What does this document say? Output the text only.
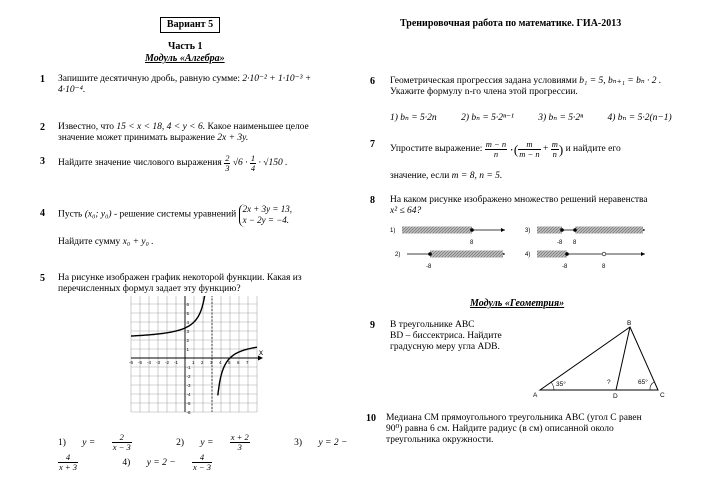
Вариант 5	Тренировочная работа по математике. ГИА-2013
Часть 1
Модуль «Алгебра»
1 Запишите десятичную дробь, равную сумме: 2·10⁻² + 1·10⁻³ +
4·10⁻⁴.
2 Известно, что 15 < x < 18, 4 < y < 6. Какое наименьшее целое
значение может принимать выражение 2x + 3y.
3 Найдите значение числового выражения $\frac{2}{3} √6 \cdot \frac{1}{4} \cdot √150$ .
4 Пусть (x₀; y₀) - решение системы уравнений 2x + 3y = 13,
x − 2y = −4.
Найдите сумму x₀ + y₀ .
5 На рисунке изображен график некоторой функции. Какая из
перечисленных формул задает эту функцию?
-6 -5 -4 -3 -2 -1	1 2 3 4 5 6 7
6
5
4
3
2
1
-1
-2
-3
-4
-5
-6
x
1) $y = \frac{2}{x - 3}$	2) $y = \frac{x + 2}{3}$	3) y = 2 −
$\frac{4}{x + 3}$	4) $y = 2 - \frac{4}{x - 3}$
6 Геометрическая прогрессия задана условиями b₁ = 5, bₙ₊₁ = bₙ · 2 .
Укажите формулу n-го члена этой прогрессии.
1) bₙ = 5·2n	2) bₙ = 5·2ⁿ⁻¹	3) bₙ = 5·2ⁿ	4) bₙ = 5·2(n−1)
7 Упростите выражение: $\frac{m - n}{n}$ ·( $\frac{m}{m - n} + \frac{m}{n}$ ) и найдите его
значение, если m = 8, n = 5.
8 На каком рисунке изображено множество решений неравенства
x² ≤ 64?
1)
8
3)
-8 8
2)
-8
4)
-8	8
Модуль «Геометрия»
9 В треугольнике ABC
BD – биссектриса. Найдите
градусную меру угла ADB.
A
B
C
D
35°	?	65°
10 Медиана CM прямоугольного треугольника ABC (угол С равен
90⁰) равна 6 см. Найдите радиус (в см) описанной около
треугольника окружности.
